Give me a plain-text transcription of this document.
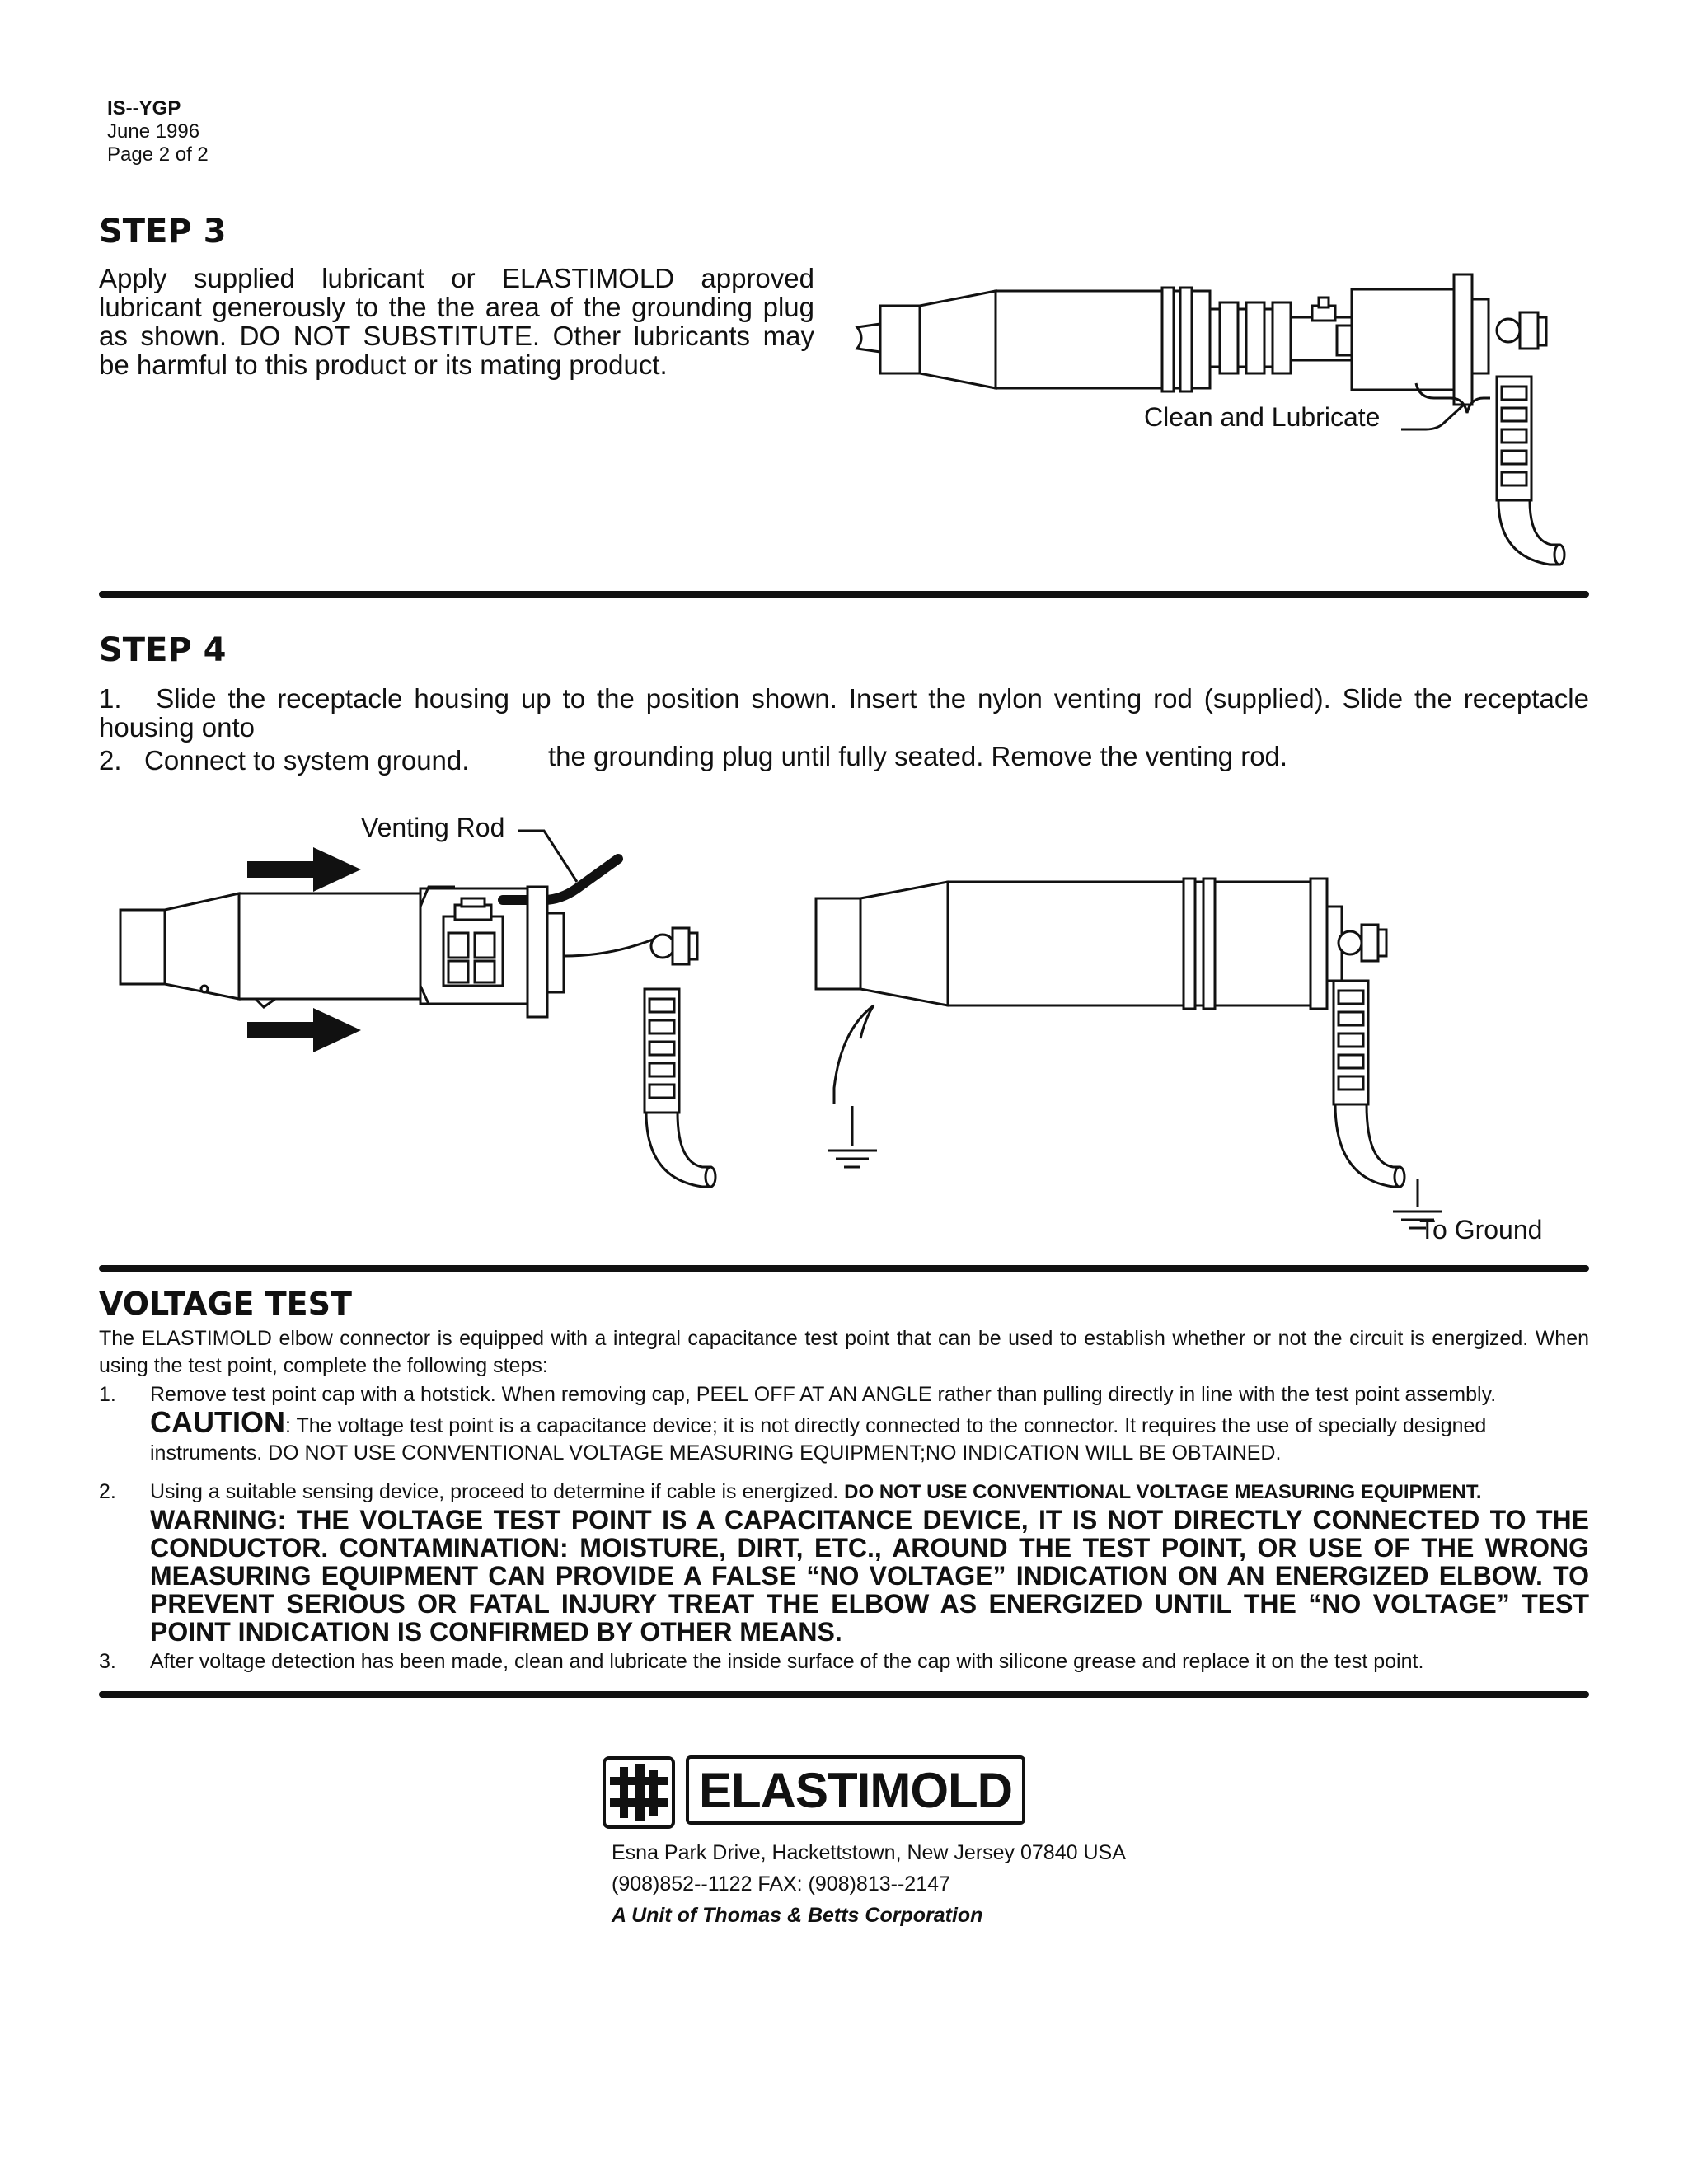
IS--YGP
June 1996
Page 2 of 2
STEP 3
Apply supplied lubricant or ELASTIMOLD approved lubricant generously to the the area of the grounding plug as shown. DO NOT SUBSTITUTE. Other lubricants may be harmful to this product or its mating product.
Clean and Lubricate
STEP 4
1. Slide the receptacle housing up to the position shown. Insert the nylon venting rod (supplied). Slide the receptacle housing onto
the grounding plug until fully seated. Remove the venting rod.
2. Connect to system ground.
Venting Rod
To Ground
VOLTAGE TEST
The ELASTIMOLD elbow connector is equipped with a integral capacitance test point that can be used to establish whether or not the circuit is energized. When using the test point, complete the following steps:
1. Remove test point cap with a hotstick. When removing cap, PEEL OFF AT AN ANGLE rather than pulling directly in line with the test point assembly.
CAUTION: The voltage test point is a capacitance device; it is not directly connected to the connector. It requires the use of specially designed instruments. DO NOT USE CONVENTIONAL VOLTAGE MEASURING EQUIPMENT;NO INDICATION WILL BE OBTAINED.
2. Using a suitable sensing device, proceed to determine if cable is energized. DO NOT USE CONVENTIONAL VOLTAGE MEASURING EQUIPMENT.
WARNING: THE VOLTAGE TEST POINT IS A CAPACITANCE DEVICE, IT IS NOT DIRECTLY CONNECTED TO THE CONDUCTOR. CONTAMINATION: MOISTURE, DIRT, ETC., AROUND THE TEST POINT, OR USE OF THE WRONG MEASURING EQUIPMENT CAN PROVIDE A FALSE “NO VOLTAGE” INDICATION ON AN ENERGIZED ELBOW. TO PREVENT SERIOUS OR FATAL INJURY TREAT THE ELBOW AS ENERGIZED UNTIL THE “NO VOLTAGE” TEST POINT INDICATION IS CONFIRMED BY OTHER MEANS.
3. After voltage detection has been made, clean and lubricate the inside surface of the cap with silicone grease and replace it on the test point.
ELASTIMOLD
Esna Park Drive, Hackettstown, New Jersey 07840 USA
(908)852--1122 FAX: (908)813--2147
A Unit of Thomas & Betts Corporation
